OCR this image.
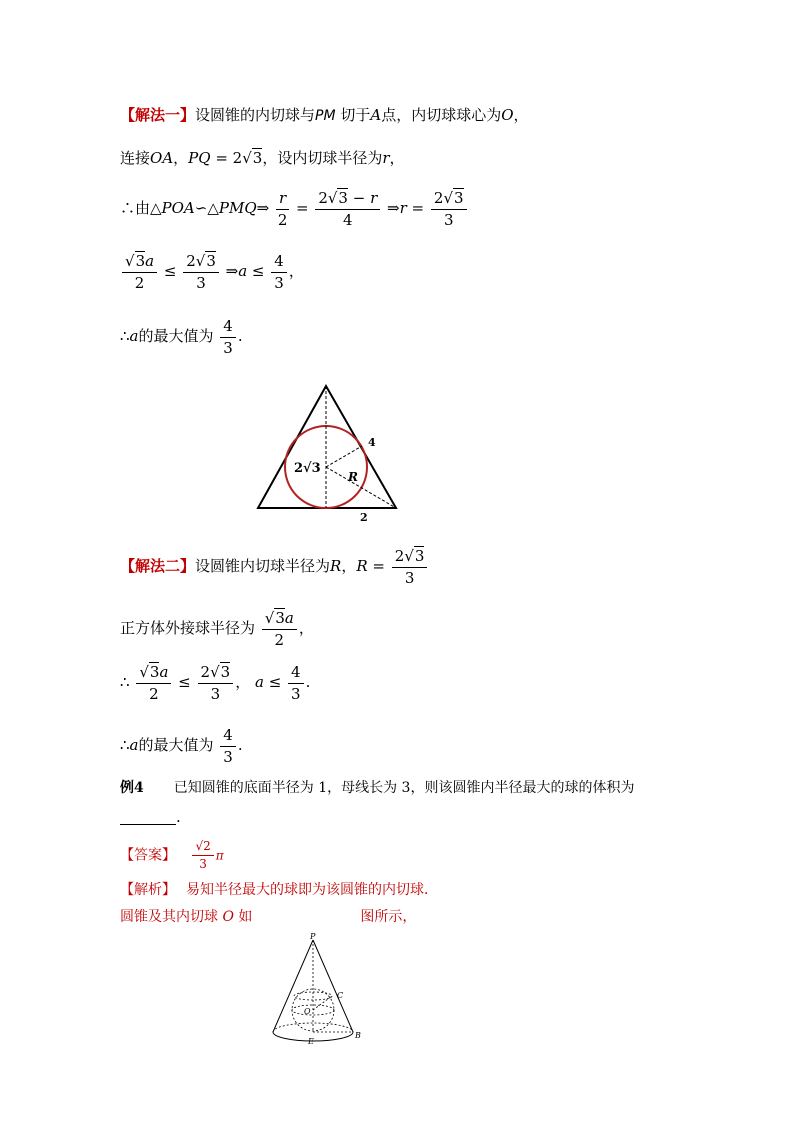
【解法一】设圆锥的内切球与PM 切于A点，内切球球心为O，
连接OA，PQ = 2√3，设内切球半径为r，
∴由△POA∽△PMQ⇒ $\frac{r}{2} = \frac{2√3 - r}{4}$ ⇒r = $\frac{2√3}{3}$
$\frac{√3a}{2} \le \frac{2√3}{3}$ ⇒a ≤ $\frac{4}{3}$ ，
∴a的最大值为 $\frac{4}{3}$ .
2√3
4
R
2
【解法二】设圆锥内切球半径为R，$R = \frac{2√3}{3}$
正方体外接球半径为 $\frac{√3a}{2}$ ，
∴ $\frac{√3a}{2} \le \frac{2√3}{3}$ ， $a \le \frac{4}{3}$ .
∴a的最大值为 $\frac{4}{3}$ .
例4 已知圆锥的底面半径为 1，母线长为 3，则该圆锥内半径最大的球的体积为
.
【答案】 $\frac{√2}{3}$ π
【解析】 易知半径最大的球即为该圆锥的内切球．
圆锥及其内切球 O 如	图所示，
P
C
O
E
B
